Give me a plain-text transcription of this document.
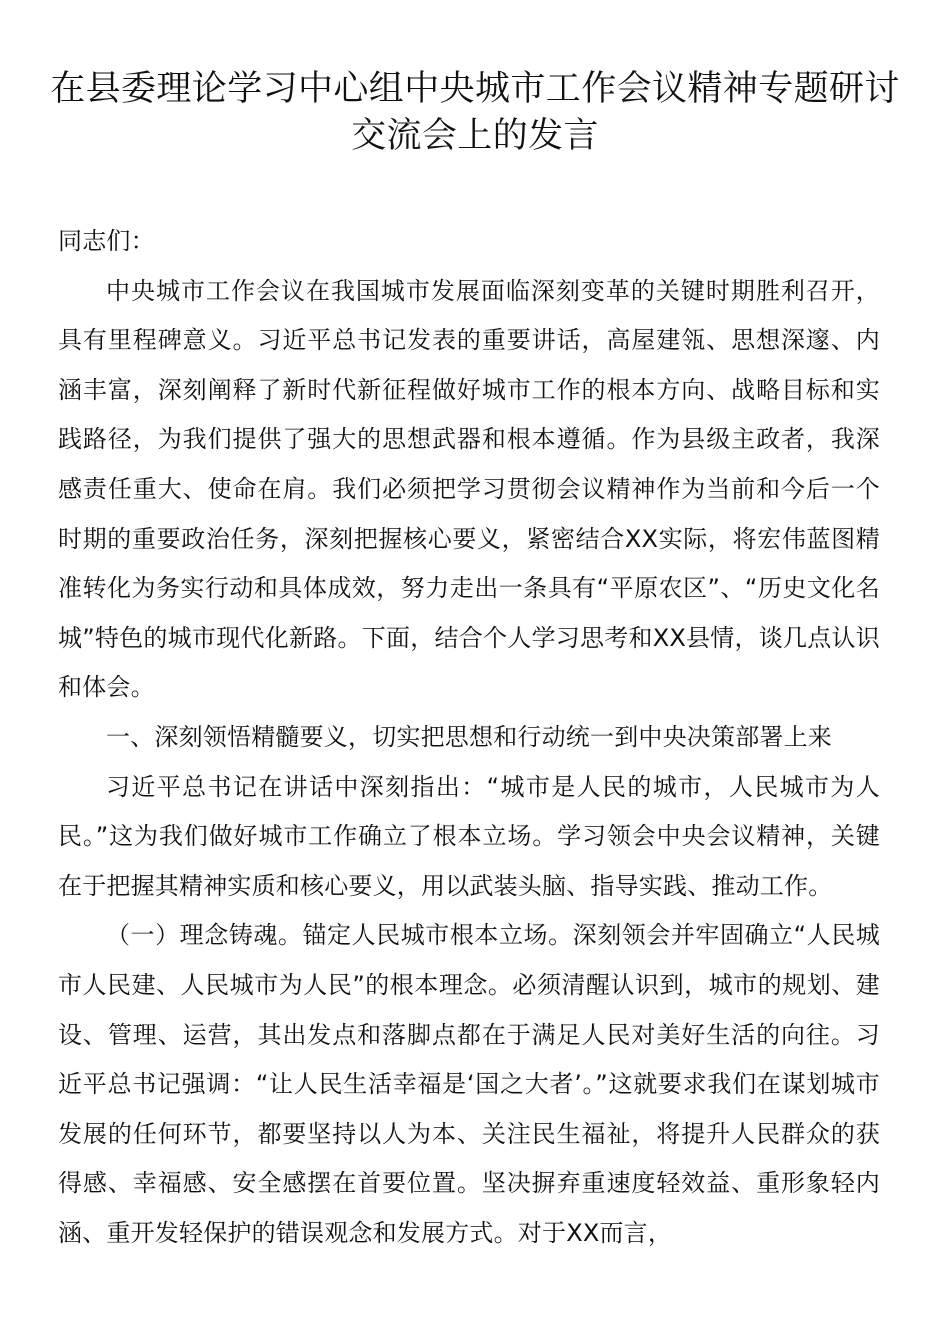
在县委理论学习中心组中央城市工作会议精神专题研讨交流会上的发言

同志们：

中央城市工作会议在我国城市发展面临深刻变革的关键时期胜利召开，具有里程碑意义。习近平总书记发表的重要讲话，高屋建瓴、思想深邃、内涵丰富，深刻阐释了新时代新征程做好城市工作的根本方向、战略目标和实践路径，为我们提供了强大的思想武器和根本遵循。作为县级主政者，我深感责任重大、使命在肩。我们必须把学习贯彻会议精神作为当前和今后一个时期的重要政治任务，深刻把握核心要义，紧密结合XX实际，将宏伟蓝图精准转化为务实行动和具体成效，努力走出一条具有“平原农区”、“历史文化名城”特色的城市现代化新路。下面，结合个人学习思考和XX县情，谈几点认识和体会。

一、深刻领悟精髓要义，切实把思想和行动统一到中央决策部署上来

习近平总书记在讲话中深刻指出：“城市是人民的城市，人民城市为人民。”这为我们做好城市工作确立了根本立场。学习领会中央会议精神，关键在于把握其精神实质和核心要义，用以武装头脑、指导实践、推动工作。

（一）理念铸魂。锚定人民城市根本立场。深刻领会并牢固确立“人民城市人民建、人民城市为人民”的根本理念。必须清醒认识到，城市的规划、建设、管理、运营，其出发点和落脚点都在于满足人民对美好生活的向往。习近平总书记强调：“让人民生活幸福是‘国之大者’。”这就要求我们在谋划城市发展的任何环节，都要坚持以人为本、关注民生福祉，将提升人民群众的获得感、幸福感、安全感摆在首要位置。坚决摒弃重速度轻效益、重形象轻内涵、重开发轻保护的错误观念和发展方式。对于XX而言，
